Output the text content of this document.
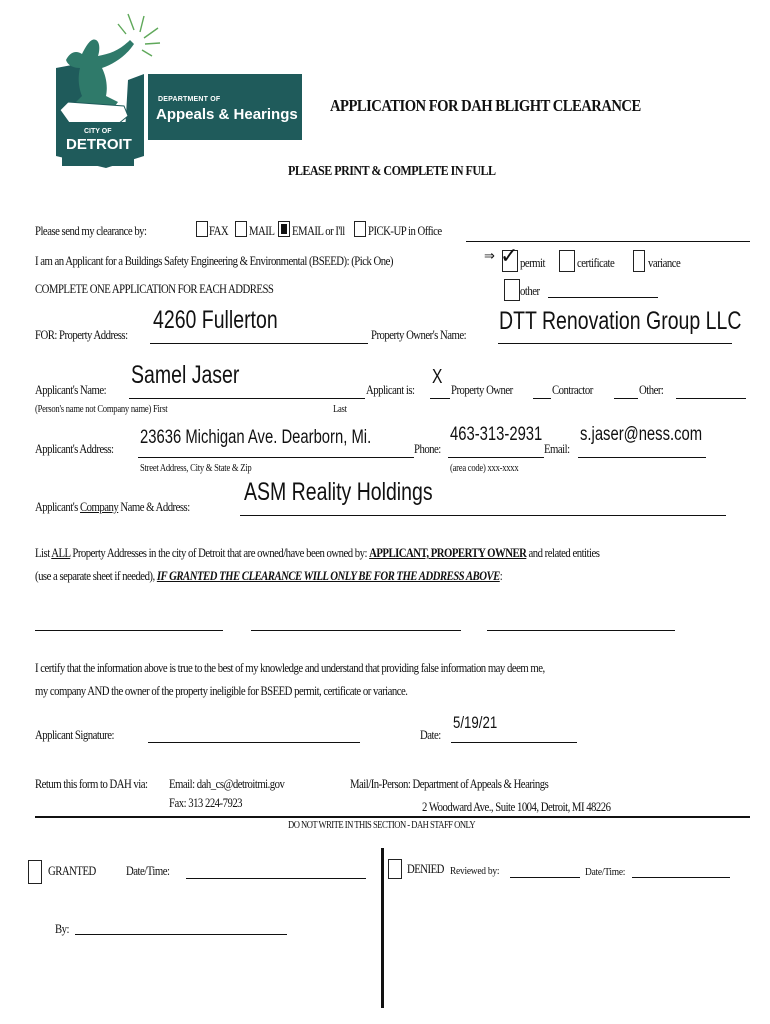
DEPARTMENT OF
Appeals & Hearings
CITY OF
DETROIT
APPLICATION FOR DAH BLIGHT CLEARANCE
PLEASE PRINT & COMPLETE IN FULL
Please send my clearance by:	FAX MAIL EMAIL or I'll PICK-UP in Office
I am an Applicant for a Buildings Safety Engineering & Environmental (BSEED): (Pick One)	⇒ ✓ permit	certificate	variance
COMPLETE ONE APPLICATION FOR EACH ADDRESS	other
FOR: Property Address:
4260 Fullerton
Property Owner's Name: DTT Renovation Group LLC
Applicant's Name:
Samel Jaser
Applicant is:
X
Property Owner	Contractor	Other:
(Person's name not Company name) First	Last
Applicant's Address:
23636 Michigan Ave. Dearborn, Mi.
Street Address, City & State & Zip
Phone:
463-313-2931
(area code) xxx-xxxx
Email:
s.jaser@ness.com
Applicant's Company Name & Address:
ASM Reality Holdings
List ALL Property Addresses in the city of Detroit that are owned/have been owned by: APPLICANT, PROPERTY OWNER and related entities
(use a separate sheet if needed), IF GRANTED THE CLEARANCE WILL ONLY BE FOR THE ADDRESS ABOVE:
I certify that the information above is true to the best of my knowledge and understand that providing false information may deem me,
my company AND the owner of the property ineligible for BSEED permit, certificate or variance.
Applicant Signature:	Date:
5/19/21
Return this form to DAH via: Email: dah_cs@detroitmi.gov
Fax: 313 224-7923
Mail/In-Person: Department of Appeals & Hearings
2 Woodward Ave., Suite 1004, Detroit, MI 48226
DO NOT WRITE IN THIS SECTION - DAH STAFF ONLY
GRANTED Date/Time:	DENIED Reviewed by:	Date/Time:
By:
